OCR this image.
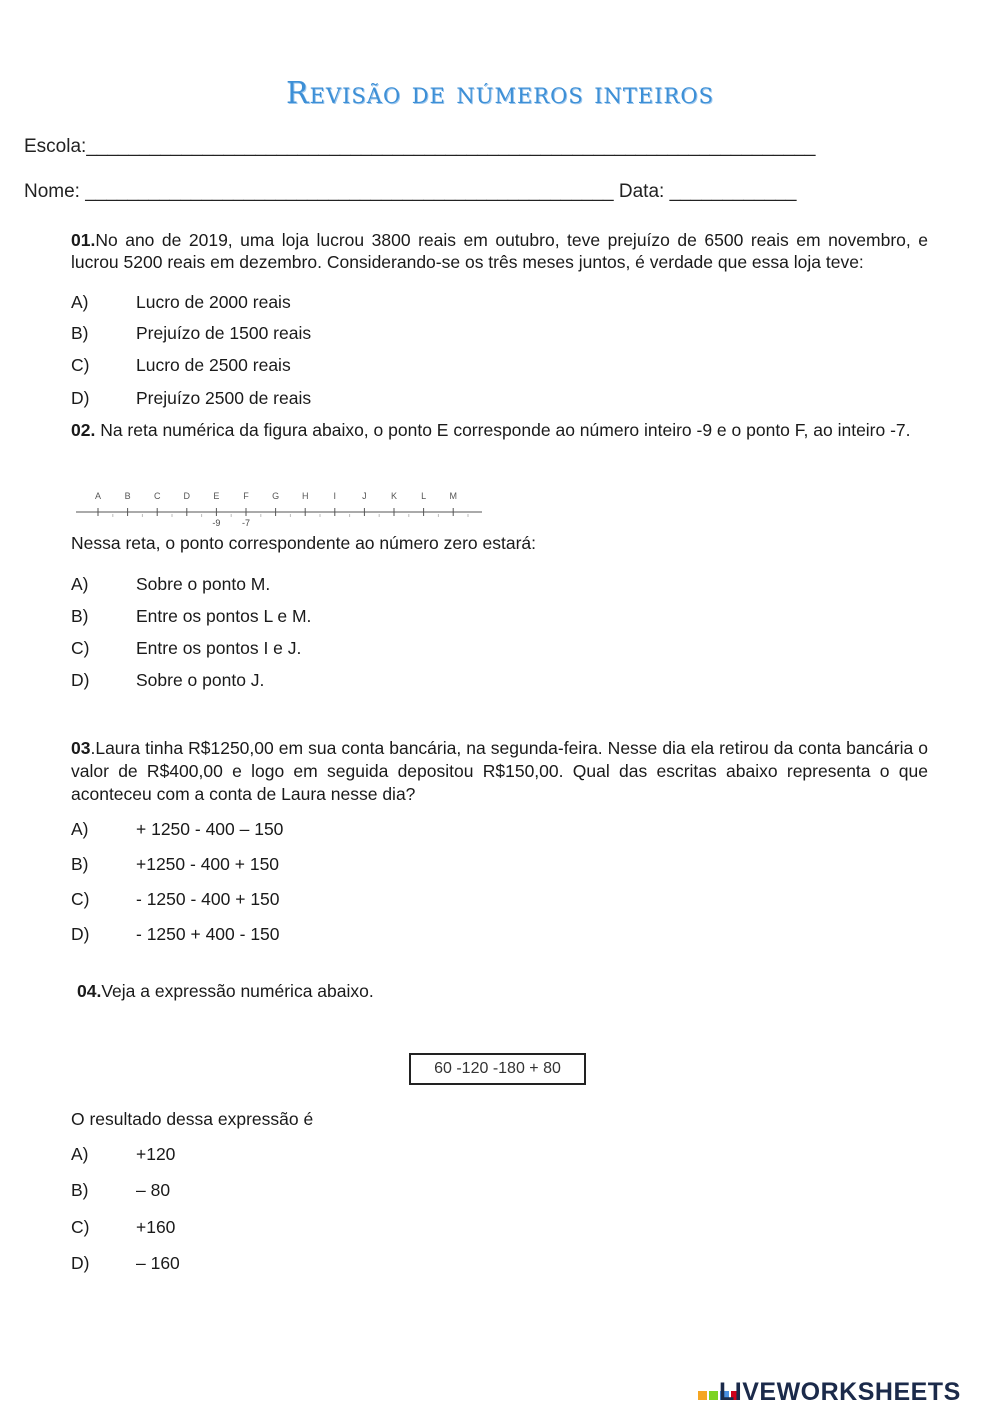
Revisão de números inteiros
Escola:_____________________________________________________________________
Nome: __________________________________________________ Data: ____________
01.No ano de 2019, uma loja lucrou 3800 reais em outubro, teve prejuízo de 6500 reais em novembro, e lucrou 5200 reais em dezembro. Considerando-se os três meses juntos, é verdade que essa loja teve:
A)	Lucro de 2000 reais
B)	Prejuízo de 1500 reais
C)	Lucro de 2500 reais
D)	Prejuízo 2500 de reais
02. Na reta numérica da figura abaixo, o ponto E corresponde ao número inteiro -9 e o ponto F, ao inteiro -7.
A	B	C	D	E	F	G	H	I	J	K	L	M
-9 -7
Nessa reta, o ponto correspondente ao número zero estará:
A)	Sobre o ponto M.
B)	Entre os pontos L e M.
C)	Entre os pontos I e J.
D)	Sobre o ponto J.
03.Laura tinha R$1250,00 em sua conta bancária, na segunda-feira. Nesse dia ela retirou da conta bancária o valor de R$400,00 e logo em seguida depositou R$150,00. Qual das escritas abaixo representa o que aconteceu com a conta de Laura nesse dia?
A)	+ 1250 - 400 – 150
B)	+1250 - 400 + 150
C)	- 1250 - 400 + 150
D)	- 1250 + 400 - 150
04.Veja a expressão numérica abaixo.
60 -120 -180 + 80
O resultado dessa expressão é
A)	+120
B)	– 80
C)	+160
D)	– 160
LIVEWORKSHEETS
